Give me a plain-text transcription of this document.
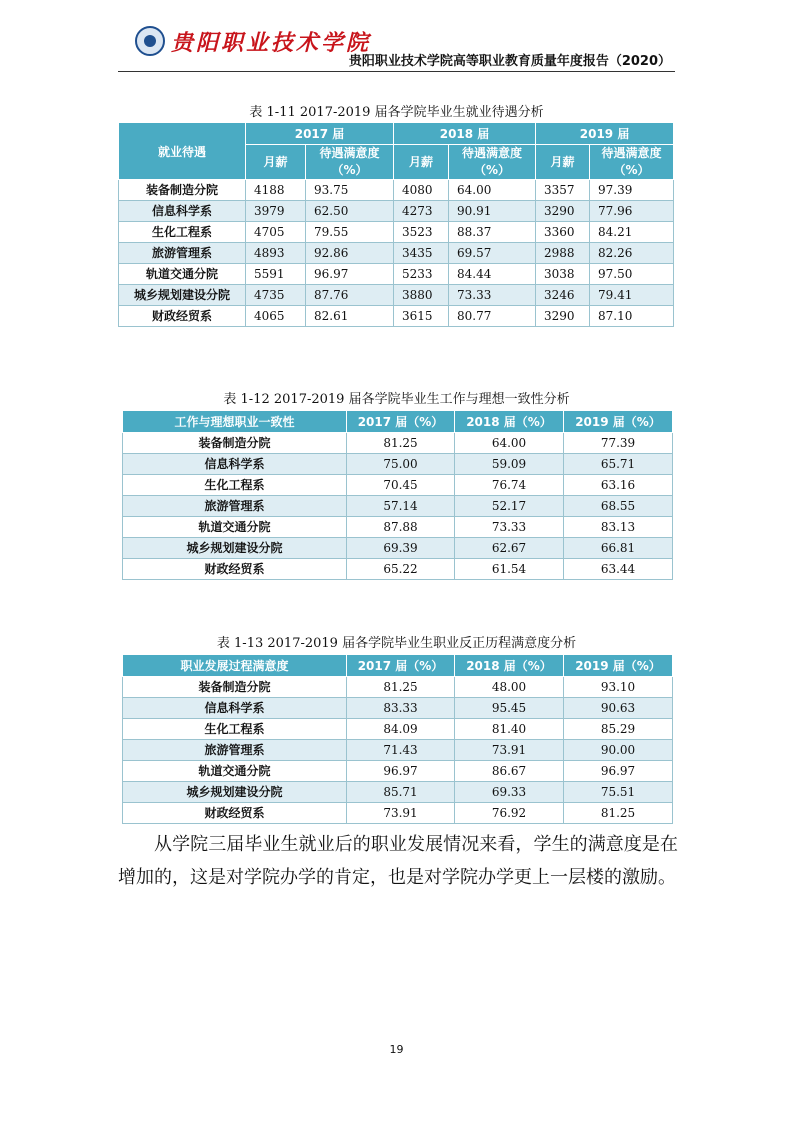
贵阳职业技术学院
贵阳职业技术学院高等职业教育质量年度报告（2020）
表 1-11 2017-2019 届各学院毕业生就业待遇分析
就业待遇	2017 届		2018 届		2019 届	
	月薪	待遇满意度（%）	月薪	待遇满意度（%）	月薪	待遇满意度（%）
装备制造分院	4188	93.75	4080	64.00	3357	97.39
信息科学系	3979	62.50	4273	90.91	3290	77.96
生化工程系	4705	79.55	3523	88.37	3360	84.21
旅游管理系	4893	92.86	3435	69.57	2988	82.26
轨道交通分院	5591	96.97	5233	84.44	3038	97.50
城乡规划建设分院	4735	87.76	3880	73.33	3246	79.41
财政经贸系	4065	82.61	3615	80.77	3290	87.10
表 1-12 2017-2019 届各学院毕业生工作与理想一致性分析
工作与理想职业一致性	2017 届（%）	2018 届（%）	2019 届（%）
装备制造分院	81.25	64.00	77.39
信息科学系	75.00	59.09	65.71
生化工程系	70.45	76.74	63.16
旅游管理系	57.14	52.17	68.55
轨道交通分院	87.88	73.33	83.13
城乡规划建设分院	69.39	62.67	66.81
财政经贸系	65.22	61.54	63.44
表 1-13 2017-2019 届各学院毕业生职业反正历程满意度分析
职业发展过程满意度	2017 届（%）	2018 届（%）	2019 届（%）
装备制造分院	81.25	48.00	93.10
信息科学系	83.33	95.45	90.63
生化工程系	84.09	81.40	85.29
旅游管理系	71.43	73.91	90.00
轨道交通分院	96.97	86.67	96.97
城乡规划建设分院	85.71	69.33	75.51
财政经贸系	73.91	76.92	81.25

从学院三届毕业生就业后的职业发展情况来看，学生的满意度是在增加的，这是对学院办学的肯定，也是对学院办学更上一层楼的激励。

19
